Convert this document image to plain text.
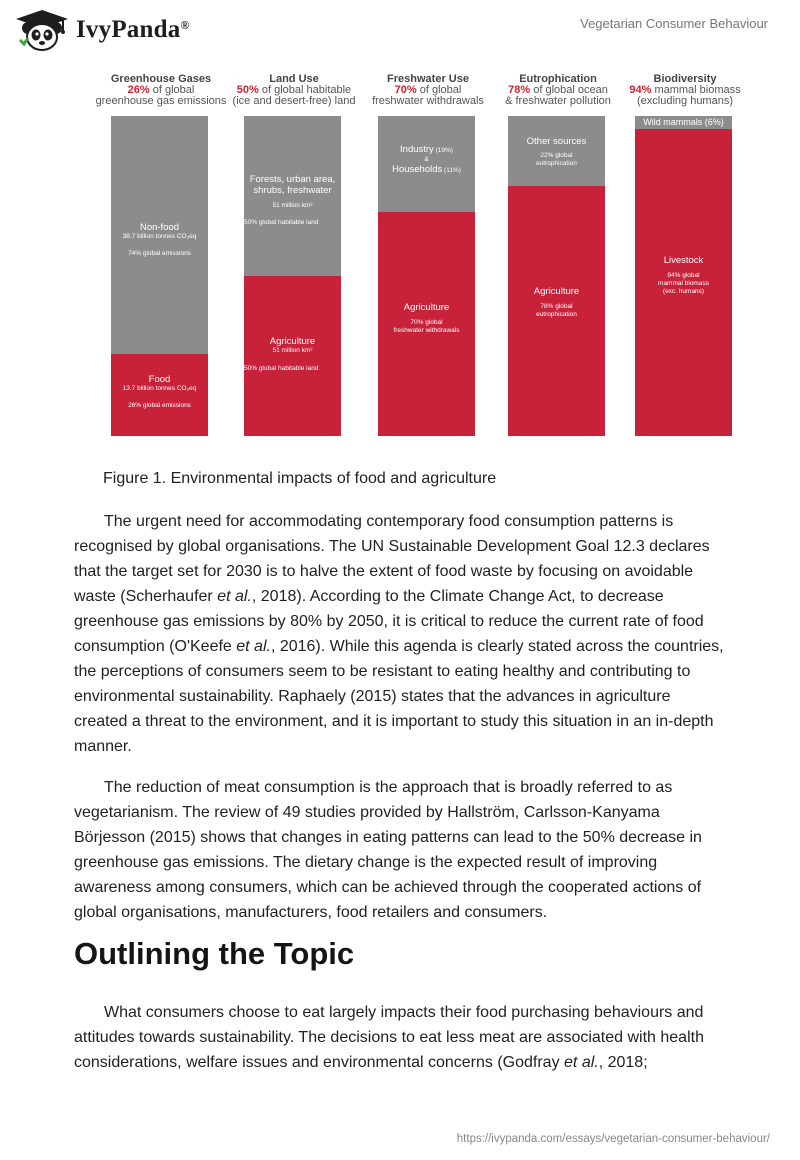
IvyPanda®	Vegetarian Consumer Behaviour
Greenhouse Gases
26% of global
greenhouse gas emissions
Non-food
38.7 billion tonnes CO₂eq
74% global emissions
Food
13.7 billion tonnes CO₂eq
26% global emissions
Land Use
50% of global habitable
(ice and desert-free) land
Forests, urban area,
shrubs, freshwater
51 million km²
Agriculture
51 million km²
50% global habitable land
50% global habitable land
Freshwater Use
70% of global
freshwater withdrawals
Industry (19%)
&
Households (11%)
Agriculture
70% global
freshwater withdrawals
Eutrophication
78% of global ocean
& freshwater pollution
Other sources
22% global
eutrophication
Agriculture
78% global
eutrophication
Biodiversity
94% mammal biomass
(excluding humans)
Wild mammals (6%)
Livestock
94% global
mammal biomass
(exc. humans)
Figure 1. Environmental impacts of food and agriculture

The urgent need for accommodating contemporary food consumption patterns is recognised by global organisations. The UN Sustainable Development Goal 12.3 declares that the target set for 2030 is to halve the extent of food waste by focusing on avoidable waste (Scherhaufer et al., 2018). According to the Climate Change Act, to decrease greenhouse gas emissions by 80% by 2050, it is critical to reduce the current rate of food consumption (O'Keefe et al., 2016). While this agenda is clearly stated across the countries, the perceptions of consumers seem to be resistant to eating healthy and contributing to environmental sustainability. Raphaely (2015) states that the advances in agriculture created a threat to the environment, and it is important to study this situation in an in-depth manner.

The reduction of meat consumption is the approach that is broadly referred to as vegetarianism. The review of 49 studies provided by Hallström, Carlsson-Kanyama Börjesson (2015) shows that changes in eating patterns can lead to the 50% decrease in greenhouse gas emissions. The dietary change is the expected result of improving awareness among consumers, which can be achieved through the cooperated actions of global organisations, manufacturers, food retailers and consumers.

Outlining the Topic

What consumers choose to eat largely impacts their food purchasing behaviours and attitudes towards sustainability. The decisions to eat less meat are associated with health considerations, welfare issues and environmental concerns (Godfray et al., 2018;

https://ivypanda.com/essays/vegetarian-consumer-behaviour/
